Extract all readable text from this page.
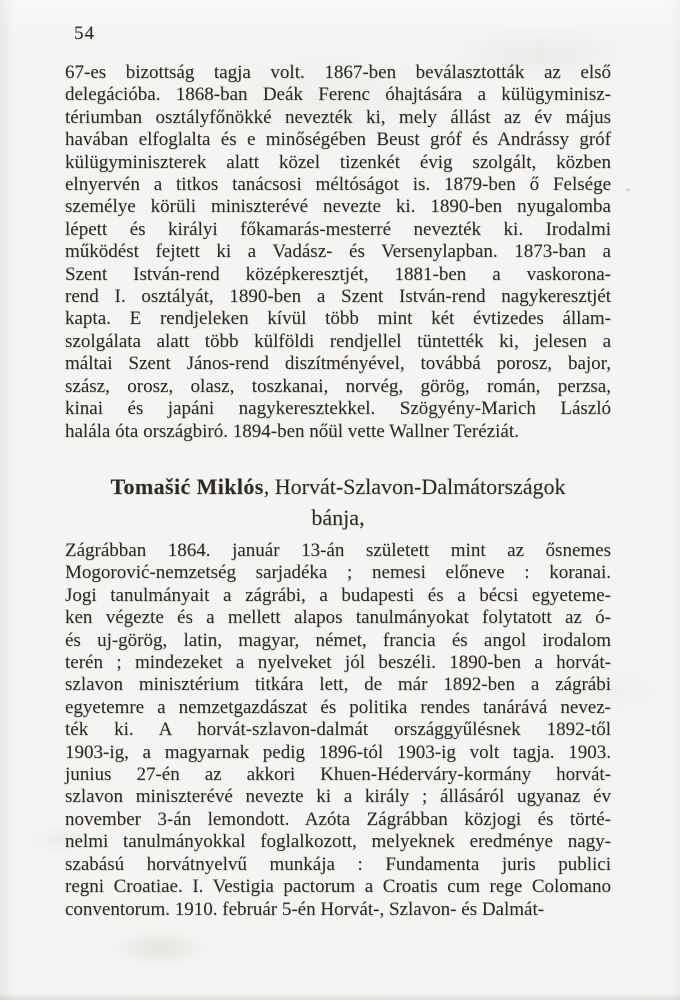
54
67-es bizottság tagja volt. 1867-ben beválasztották az első
delegációba. 1868-ban Deák Ferenc óhajtására a külügyminisz-
tériumban osztályfőnökké nevezték ki, mely állást az év május
havában elfoglalta és e minőségében Beust gróf és Andrássy gróf
külügyminiszterek alatt közel tizenkét évig szolgált, közben
elnyervén a titkos tanácsosi méltóságot is. 1879-ben ő Felsége
személye körüli miniszterévé nevezte ki. 1890-ben nyugalomba
lépett és királyi főkamarás-mesterré nevezték ki. Irodalmi
működést fejtett ki a Vadász- és Versenylapban. 1873-ban a
Szent István-rend középkeresztjét, 1881-ben a vaskorona-
rend I. osztályát, 1890-ben a Szent István-rend nagykeresztjét
kapta. E rendjeleken kívül több mint két évtizedes állam-
szolgálata alatt több külföldi rendjellel tüntették ki, jelesen a
máltai Szent János-rend diszítményével, továbbá porosz, bajor,
szász, orosz, olasz, toszkanai, norvég, görög, román, perzsa,
kinai és japáni nagykeresztekkel. Szögyény-Marich László
halála óta országbiró. 1894-ben nőül vette Wallner Teréziát.
Tomašić Miklós, Horvát-Szlavon-Dalmátországok
bánja,
Zágrábban 1864. január 13-án született mint az ősnemes
Mogorović-nemzetség sarjadéka ; nemesi előneve : koranai.
Jogi tanulmányait a zágrábi, a budapesti és a bécsi egyeteme-
ken végezte és a mellett alapos tanulmányokat folytatott az ó-
és uj-görög, latin, magyar, német, francia és angol irodalom
terén ; mindezeket a nyelveket jól beszéli. 1890-ben a horvát-
szlavon minisztérium titkára lett, de már 1892-ben a zágrábi
egyetemre a nemzetgazdászat és politika rendes tanárává nevez-
ték ki. A horvát-szlavon-dalmát országgyűlésnek 1892-től
1903-ig, a magyarnak pedig 1896-tól 1903-ig volt tagja. 1903.
junius 27-én az akkori Khuen-Héderváry-kormány horvát-
szlavon miniszterévé nevezte ki a király ; állásáról ugyanaz év
november 3-án lemondott. Azóta Zágrábban közjogi és törté-
nelmi tanulmányokkal foglalkozott, melyeknek eredménye nagy-
szabású horvátnyelvű munkája : Fundamenta juris publici
regni Croatiae. I. Vestigia pactorum a Croatis cum rege Colomano
conventorum. 1910. február 5-én Horvát-, Szlavon- és Dalmát-
